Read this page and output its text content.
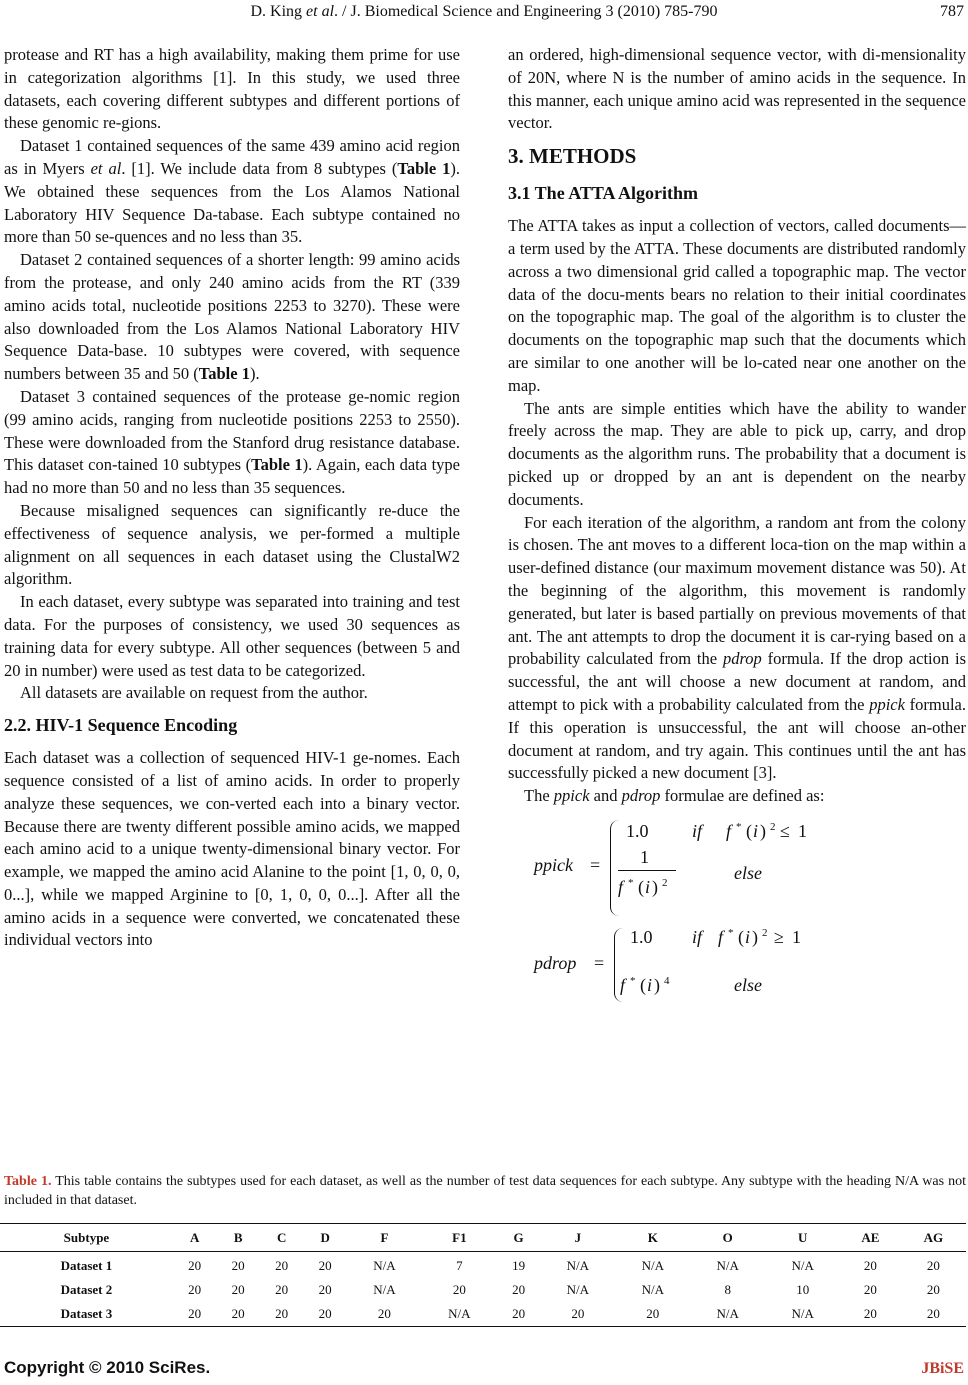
D. King et al. / J. Biomedical Science and Engineering 3 (2010) 785-790	787

protease and RT has a high availability, making them prime for use in categorization algorithms [1]. In this study, we used three datasets, each covering different subtypes and different portions of these genomic re-gions.

Dataset 1 contained sequences of the same 439 amino acid region as in Myers et al. [1]. We include data from 8 subtypes (Table 1). We obtained these sequences from the Los Alamos National Laboratory HIV Sequence Da-tabase. Each subtype contained no more than 50 se-quences and no less than 35.

Dataset 2 contained sequences of a shorter length: 99 amino acids from the protease, and only 240 amino acids from the RT (339 amino acids total, nucleotide positions 2253 to 3270). These were also downloaded from the Los Alamos National Laboratory HIV Sequence Data-base. 10 subtypes were covered, with sequence numbers between 35 and 50 (Table 1).

Dataset 3 contained sequences of the protease ge-nomic region (99 amino acids, ranging from nucleotide positions 2253 to 2550). These were downloaded from the Stanford drug resistance database. This dataset con-tained 10 subtypes (Table 1). Again, each data type had no more than 50 and no less than 35 sequences.

Because misaligned sequences can significantly re-duce the effectiveness of sequence analysis, we per-formed a multiple alignment on all sequences in each dataset using the ClustalW2 algorithm.

In each dataset, every subtype was separated into training and test data. For the purposes of consistency, we used 30 sequences as training data for every subtype. All other sequences (between 5 and 20 in number) were used as test data to be categorized.

All datasets are available on request from the author.

2.2. HIV-1 Sequence Encoding

Each dataset was a collection of sequenced HIV-1 ge-nomes. Each sequence consisted of a list of amino acids. In order to properly analyze these sequences, we con-verted each into a binary vector. Because there are twenty different possible amino acids, we mapped each amino acid to a unique twenty-dimensional binary vector. For example, we mapped the amino acid Alanine to the point [1, 0, 0, 0, 0...], while we mapped Arginine to [0, 1, 0, 0, 0...]. After all the amino acids in a sequence were converted, we concatenated these individual vectors into

an ordered, high-dimensional sequence vector, with di-mensionality of 20N, where N is the number of amino acids in the sequence. In this manner, each unique amino acid was represented in the sequence vector.

3. METHODS
3.1 The ATTA Algorithm

The ATTA takes as input a collection of vectors, called documents—a term used by the ATTA. These documents are distributed randomly across a two dimensional grid called a topographic map. The vector data of the docu-ments bears no relation to their initial coordinates on the topographic map. The goal of the algorithm is to cluster the documents on the topographic map such that the documents which are similar to one another will be lo-cated near one another on the map.

The ants are simple entities which have the ability to wander freely across the map. They are able to pick up, carry, and drop documents as the algorithm runs. The probability that a document is picked up or dropped by an ant is dependent on the nearby documents.

For each iteration of the algorithm, a random ant from the colony is chosen. The ant moves to a different loca-tion on the map within a user-defined distance (our maximum movement distance was 50). At the beginning of the algorithm, this movement is randomly generated, but later is based partially on previous movements of that ant. The ant attempts to drop the document it is car-rying based on a probability calculated from the pdrop formula. If the drop action is successful, the ant will choose a new document at random, and attempt to pick with a probability calculated from the ppick formula. If this operation is unsuccessful, the ant will choose an-other document at random, and try again. This continues until the ant has successfully picked a new document [3].

The ppick and pdrop formulae are defined as:

ppick =
1.0 if f * ( i ) 2 ≤ 1
1
f * ( i ) 2	else
pdrop =
1.0 if f * ( i ) 2 ≥ 1
f * ( i ) 4	else
Table 1. This table contains the subtypes used for each dataset, as well as the number of test data sequences for each subtype. Any subtype with the heading N/A was not included in that dataset.
Subtype	A	B	C	D	F	F1	G	J	K	O	U	AE	AG
Dataset 1	20	20	20	20	N/A	7	19	N/A	N/A	N/A	N/A	20	20
Dataset 2	20	20	20	20	N/A	20	20	N/A	N/A	8	10	20	20
Dataset 3	20	20	20	20	20	N/A	20	20	20	N/A	N/A	20	20
Copyright © 2010 SciRes.	JBiSE
